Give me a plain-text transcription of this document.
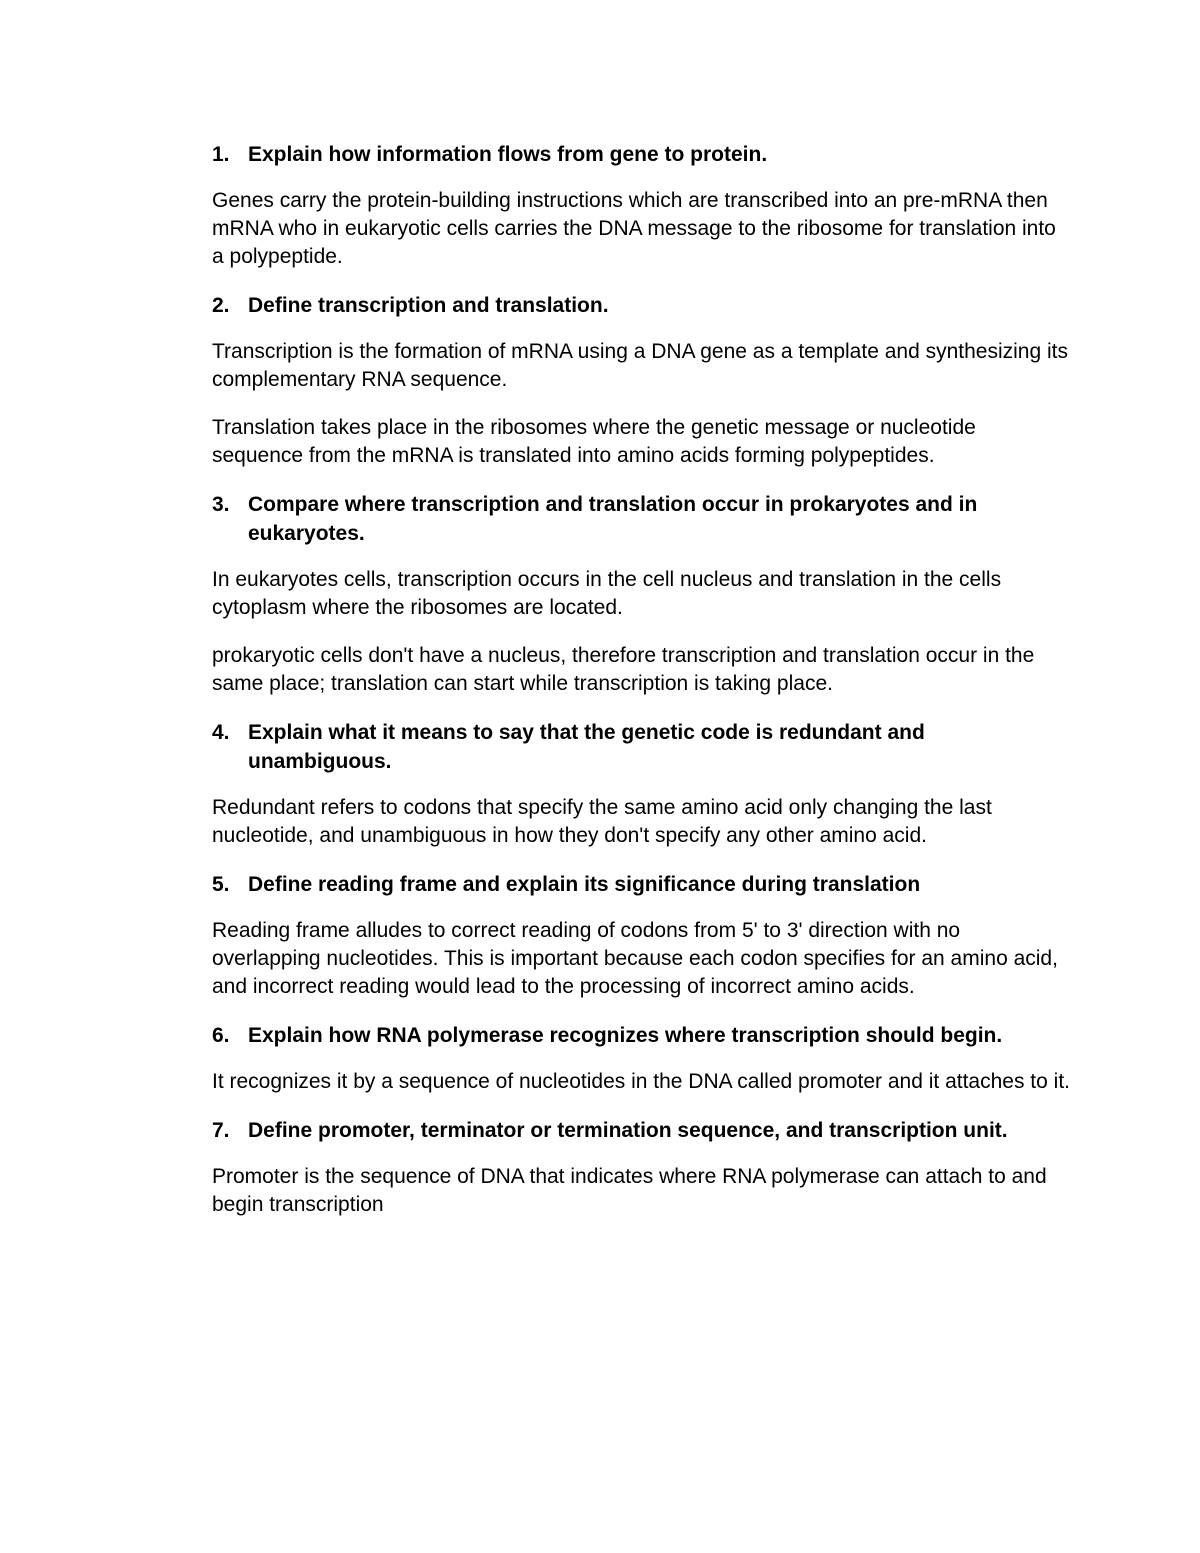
1. Explain how information flows from gene to protein.

Genes carry the protein-building instructions which are transcribed into an pre-mRNA then mRNA who in eukaryotic cells carries the DNA message to the ribosome for translation into a polypeptide.

2. Define transcription and translation.

Transcription is the formation of mRNA using a DNA gene as a template and synthesizing its complementary RNA sequence.

Translation takes place in the ribosomes where the genetic message or nucleotide sequence from the mRNA is translated into amino acids forming polypeptides.

3. Compare where transcription and translation occur in prokaryotes and in eukaryotes.

In eukaryotes cells, transcription occurs in the cell nucleus and translation in the cells cytoplasm where the ribosomes are located.

prokaryotic cells don't have a nucleus, therefore transcription and translation occur in the same place; translation can start while transcription is taking place.

4. Explain what it means to say that the genetic code is redundant and unambiguous.

Redundant refers to codons that specify the same amino acid only changing the last nucleotide, and unambiguous in how they don't specify any other amino acid.

5. Define reading frame and explain its significance during translation

Reading frame alludes to correct reading of codons from 5' to 3' direction with no overlapping nucleotides. This is important because each codon specifies for an amino acid, and incorrect reading would lead to the processing of incorrect amino acids.

6. Explain how RNA polymerase recognizes where transcription should begin.

It recognizes it by a sequence of nucleotides in the DNA called promoter and it attaches to it.

7. Define promoter, terminator or termination sequence, and transcription unit.

Promoter is the sequence of DNA that indicates where RNA polymerase can attach to and begin transcription
